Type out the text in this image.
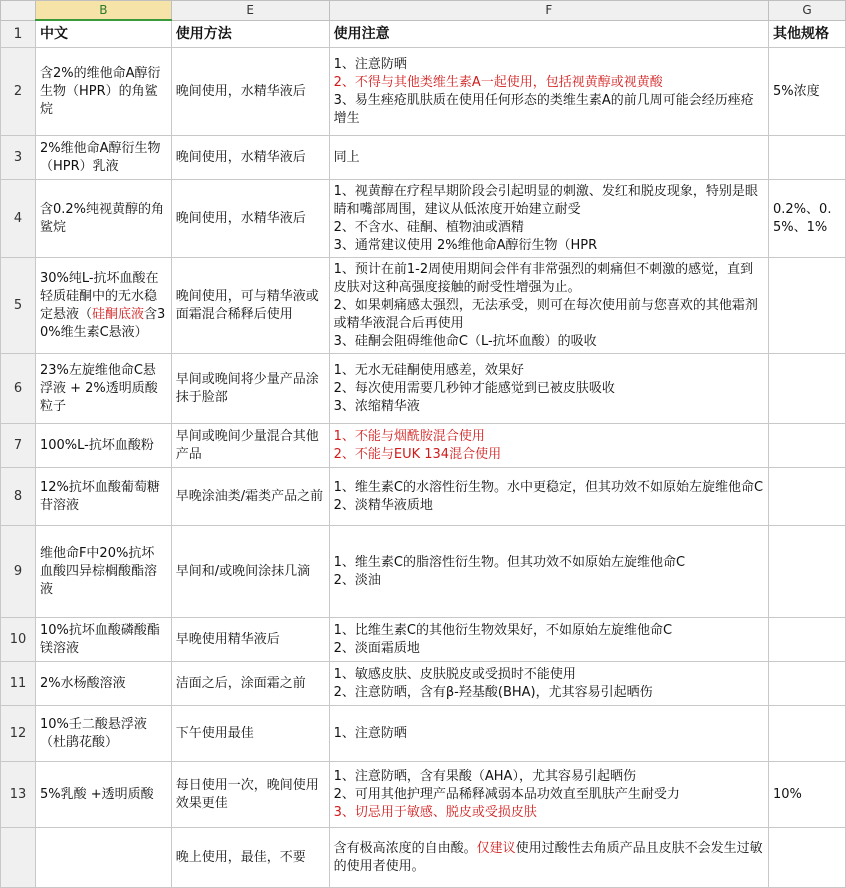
	B	E	F	G
1	中文	使用方法	使用注意	其他规格
2	含2%的维他命A醇衍生物（HPR）的角鲨烷	晚间使用，水精华液后	1、注意防晒
2、不得与其他类维生素A一起使用，包括视黄醇或视黄酸
3、易生痤疮肌肤质在使用任何形态的类维生素A的前几周可能会经历痤疮增生	5%浓度
3	2%维他命A醇衍生物（HPR）乳液	晚间使用，水精华液后	同上	

4	含0.2%纯视黄醇的角鲨烷	晚间使用，水精华液后	1、视黄醇在疗程早期阶段会引起明显的刺激、发红和脱皮现象，特别是眼睛和嘴部周围，建议从低浓度开始建立耐受
2、不含水、硅酮、植物油或酒精
3、通常建议使用 2%维他命A醇衍生物（HPR	0.2%、0.5%、1%
5	30%纯L-抗坏血酸在轻质硅酮中的无水稳定悬液（硅酮底液含30%维生素C悬液）	晚间使用，可与精华液或面霜混合稀释后使用	1、预计在前1-2周使用期间会伴有非常强烈的刺痛但不刺激的感觉，直到皮肤对这种高强度接触的耐受性增强为止。
2、如果刺痛感太强烈，无法承受，则可在每次使用前与您喜欢的其他霜剂或精华液混合后再使用
3、硅酮会阻碍维他命C（L-抗坏血酸）的吸收	

6	23%左旋维他命C悬浮液 + 2%透明质酸粒子	早间或晚间将少量产品涂抹于脸部	1、无水无硅酮使用感差，效果好
2、每次使用需要几秒钟才能感觉到已被皮肤吸收
3、浓缩精华液	

7	100%L-抗坏血酸粉	早间或晚间少量混合其他产品	1、不能与烟酰胺混合使用
2、不能与EUK 134混合使用	

8	12%抗坏血酸葡萄糖苷溶液	早晚涂油类/霜类产品之前	1、维生素C的水溶性衍生物。水中更稳定，但其功效不如原始左旋维他命C
2、淡精华液质地	

9	维他命F中20%抗坏血酸四异棕榈酸酯溶液	早间和/或晚间涂抹几滴	1、维生素C的脂溶性衍生物。但其功效不如原始左旋维他命C
2、淡油	

10	10%抗坏血酸磷酸酯镁溶液	早晚使用精华液后	1、比维生素C的其他衍生物效果好，不如原始左旋维他命C
2、淡面霜质地	

11	2%水杨酸溶液	洁面之后，涂面霜之前	1、敏感皮肤、皮肤脱皮或受损时不能使用
2、注意防晒，含有β-羟基酸(BHA)，尤其容易引起晒伤	

12	10%壬二酸悬浮液（杜鹃花酸）	下午使用最佳	1、注意防晒	

13	5%乳酸 +透明质酸	每日使用一次，晚间使用效果更佳	1、注意防晒，含有果酸（AHA），尤其容易引起晒伤
2、可用其他护理产品稀释减弱本品功效直至肌肤产生耐受力
3、切忌用于敏感、脱皮或受损皮肤	10%
		晚上使用，最佳，不要	含有极高浓度的自由酸。仅建议使用过酸性去角质产品且皮肤不会发生过敏的使用者使用。	
